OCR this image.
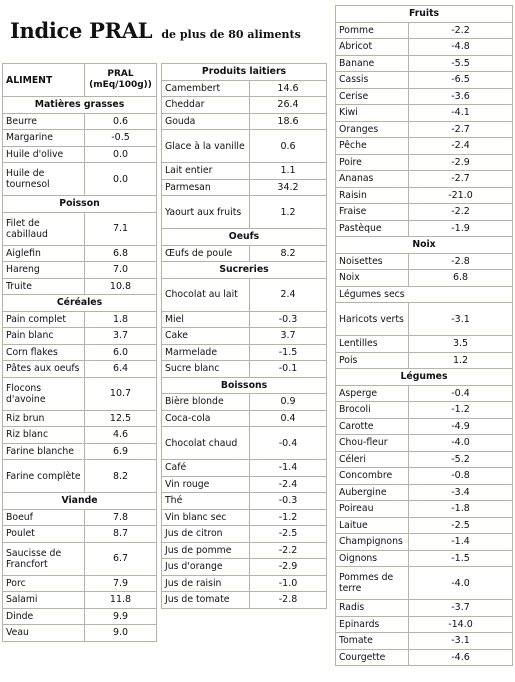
Indice PRAL de plus de 80 aliments
ALIMENT	PRAL
(mEq/100g))
Matières grasses	
Beurre	0.6
Margarine	-0.5
Huile d'olive	0.0
Huile de tournesol	0.0
Poisson	
Filet de cabillaud	7.1
Aiglefin	6.8
Hareng	7.0
Truite	10.8
Céréales	
Pain complet	1.8
Pain blanc	3.7
Corn flakes	6.0
Pâtes aux oeufs	6.4
Flocons d'avoine	10.7
Riz brun	12.5
Riz blanc	4.6
Farine blanche	6.9
Farine complète	8.2
Viande	
Boeuf	7.8
Poulet	8.7
Saucisse de Francfort	6.7
Porc	7.9
Salami	11.8
Dinde	9.9
Veau	9.0
Produits laitiers	
Camembert	14.6
Cheddar	26.4
Gouda	18.6
Glace à la vanille	0.6
Lait entier	1.1
Parmesan	34.2
Yaourt aux fruits	1.2
Oeufs	
Œufs de poule	8.2
Sucreries	
Chocolat au lait	2.4
Miel	-0.3
Cake	3.7
Marmelade	-1.5
Sucre blanc	-0.1
Boissons	
Bière blonde	0.9
Coca-cola	0.4
Chocolat chaud	-0.4
Café	-1.4
Vin rouge	-2.4
Thé	-0.3
Vin blanc sec	-1.2
Jus de citron	-2.5
Jus de pomme	-2.2
Jus d'orange	-2.9
Jus de raisin	-1.0
Jus de tomate	-2.8
Fruits	
Pomme	-2.2
Abricot	-4.8
Banane	-5.5
Cassis	-6.5
Cerise	-3.6
Kiwi	-4.1
Oranges	-2.7
Pêche	-2.4
Poire	-2.9
Ananas	-2.7
Raisin	-21.0
Fraise	-2.2
Pastèque	-1.9
Noix	
Noisettes	-2.8
Noix	6.8
Légumes secs	
Haricots verts	-3.1
Lentilles	3.5
Pois	1.2
Légumes	
Asperge	-0.4
Brocoli	-1.2
Carotte	-4.9
Chou-fleur	-4.0
Céleri	-5.2
Concombre	-0.8
Aubergine	-3.4
Poireau	-1.8
Laitue	-2.5
Champignons	-1.4
Oignons	-1.5
Pommes de terre	-4.0
Radis	-3.7
Epinards	-14.0
Tomate	-3.1
Courgette	-4.6
